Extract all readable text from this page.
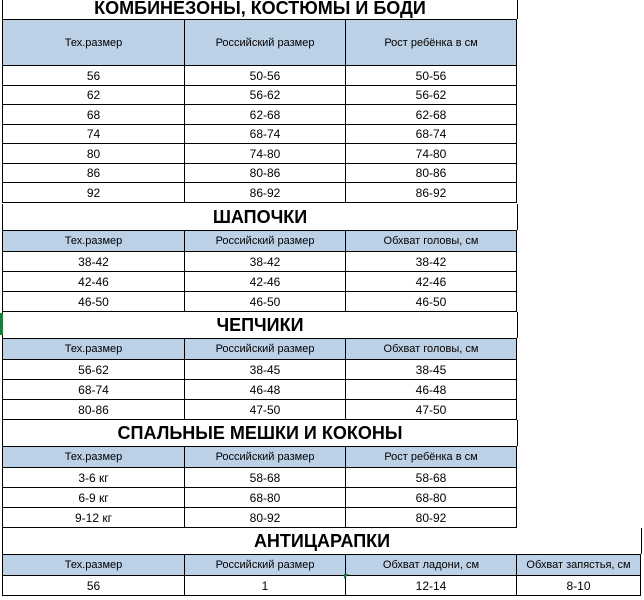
КОМБИНЕЗОНЫ, КОСТЮМЫ И БОДИ
Тех.размер	Российский размер	Рост ребёнка в см
56	50-56	50-56
62	56-62	56-62
68	62-68	62-68
74	68-74	68-74
80	74-80	74-80
86	80-86	80-86
92	86-92	86-92
ШАПОЧКИ
Тех.размер	Российский размер	Обхват головы, см
38-42	38-42	38-42
42-46	42-46	42-46
46-50	46-50	46-50
ЧЕПЧИКИ
Тех.размер	Российский размер	Обхват головы, см
56-62	38-45	38-45
68-74	46-48	46-48
80-86	47-50	47-50
СПАЛЬНЫЕ МЕШКИ И КОКОНЫ
Тех.размер	Российский размер	Рост ребёнка в см
3-6 кг	58-68	58-68
6-9 кг	68-80	68-80
9-12 кг	80-92	80-92
АНТИЦАРАПКИ
Тех.размер	Российский размер	Обхват ладони, см	Обхват запястья, см
56	1	12-14	8-10
